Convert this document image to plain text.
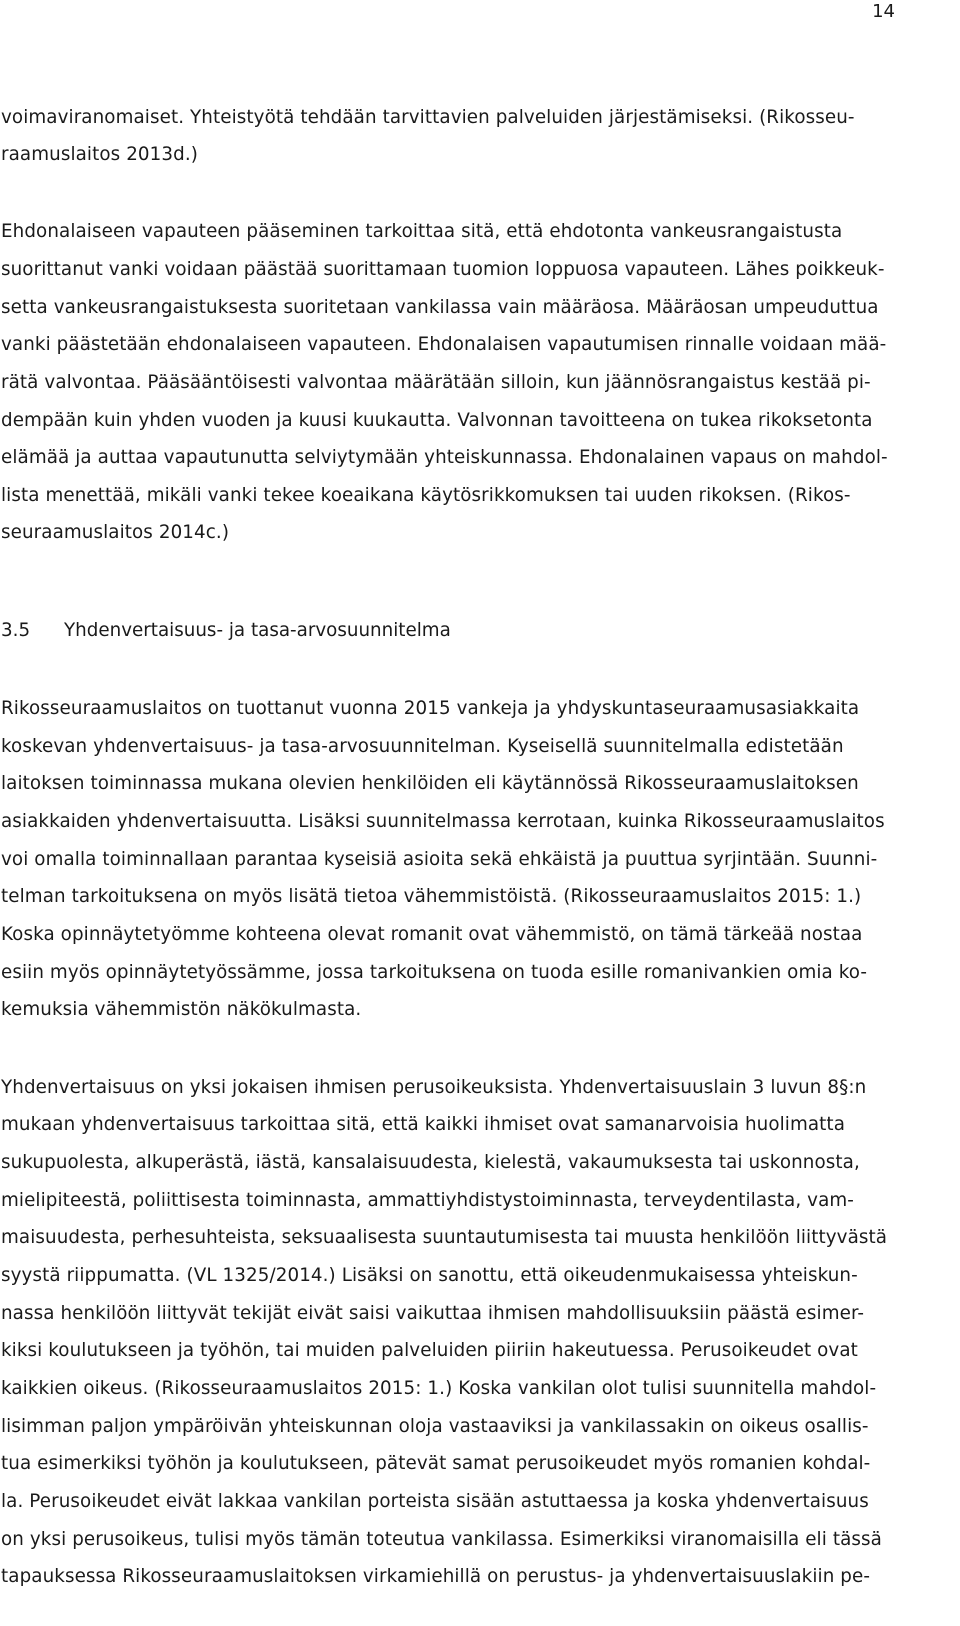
14
voimaviranomaiset. Yhteistyötä tehdään tarvittavien palveluiden järjestämiseksi. (Rikosseu-
raamuslaitos 2013d.)
Ehdonalaiseen vapauteen pääseminen tarkoittaa sitä, että ehdotonta vankeusrangaistusta
suorittanut vanki voidaan päästää suorittamaan tuomion loppuosa vapauteen. Lähes poikkeuk-
setta vankeusrangaistuksesta suoritetaan vankilassa vain määräosa. Määräosan umpeuduttua
vanki päästetään ehdonalaiseen vapauteen. Ehdonalaisen vapautumisen rinnalle voidaan mää-
rätä valvontaa. Pääsääntöisesti valvontaa määrätään silloin, kun jäännösrangaistus kestää pi-
dempään kuin yhden vuoden ja kuusi kuukautta. Valvonnan tavoitteena on tukea rikoksetonta
elämää ja auttaa vapautunutta selviytymään yhteiskunnassa. Ehdonalainen vapaus on mahdol-
lista menettää, mikäli vanki tekee koeaikana käytösrikkomuksen tai uuden rikoksen. (Rikos-
seuraamuslaitos 2014c.)
3.5 Yhdenvertaisuus- ja tasa-arvosuunnitelma
Rikosseuraamuslaitos on tuottanut vuonna 2015 vankeja ja yhdyskuntaseuraamusasiakkaita
koskevan yhdenvertaisuus- ja tasa-arvosuunnitelman. Kyseisellä suunnitelmalla edistetään
laitoksen toiminnassa mukana olevien henkilöiden eli käytännössä Rikosseuraamuslaitoksen
asiakkaiden yhdenvertaisuutta. Lisäksi suunnitelmassa kerrotaan, kuinka Rikosseuraamuslaitos
voi omalla toiminnallaan parantaa kyseisiä asioita sekä ehkäistä ja puuttua syrjintään. Suunni-
telman tarkoituksena on myös lisätä tietoa vähemmistöistä. (Rikosseuraamuslaitos 2015: 1.)
Koska opinnäytetyömme kohteena olevat romanit ovat vähemmistö, on tämä tärkeää nostaa
esiin myös opinnäytetyössämme, jossa tarkoituksena on tuoda esille romanivankien omia ko-
kemuksia vähemmistön näkökulmasta.
Yhdenvertaisuus on yksi jokaisen ihmisen perusoikeuksista. Yhdenvertaisuuslain 3 luvun 8§:n
mukaan yhdenvertaisuus tarkoittaa sitä, että kaikki ihmiset ovat samanarvoisia huolimatta
sukupuolesta, alkuperästä, iästä, kansalaisuudesta, kielestä, vakaumuksesta tai uskonnosta,
mielipiteestä, poliittisesta toiminnasta, ammattiyhdistystoiminnasta, terveydentilasta, vam-
maisuudesta, perhesuhteista, seksuaalisesta suuntautumisesta tai muusta henkilöön liittyvästä
syystä riippumatta. (VL 1325/2014.) Lisäksi on sanottu, että oikeudenmukaisessa yhteiskun-
nassa henkilöön liittyvät tekijät eivät saisi vaikuttaa ihmisen mahdollisuuksiin päästä esimer-
kiksi koulutukseen ja työhön, tai muiden palveluiden piiriin hakeutuessa. Perusoikeudet ovat
kaikkien oikeus. (Rikosseuraamuslaitos 2015: 1.) Koska vankilan olot tulisi suunnitella mahdol-
lisimman paljon ympäröivän yhteiskunnan oloja vastaaviksi ja vankilassakin on oikeus osallis-
tua esimerkiksi työhön ja koulutukseen, pätevät samat perusoikeudet myös romanien kohdal-
la. Perusoikeudet eivät lakkaa vankilan porteista sisään astuttaessa ja koska yhdenvertaisuus
on yksi perusoikeus, tulisi myös tämän toteutua vankilassa. Esimerkiksi viranomaisilla eli tässä
tapauksessa Rikosseuraamuslaitoksen virkamiehillä on perustus- ja yhdenvertaisuuslakiin pe-
